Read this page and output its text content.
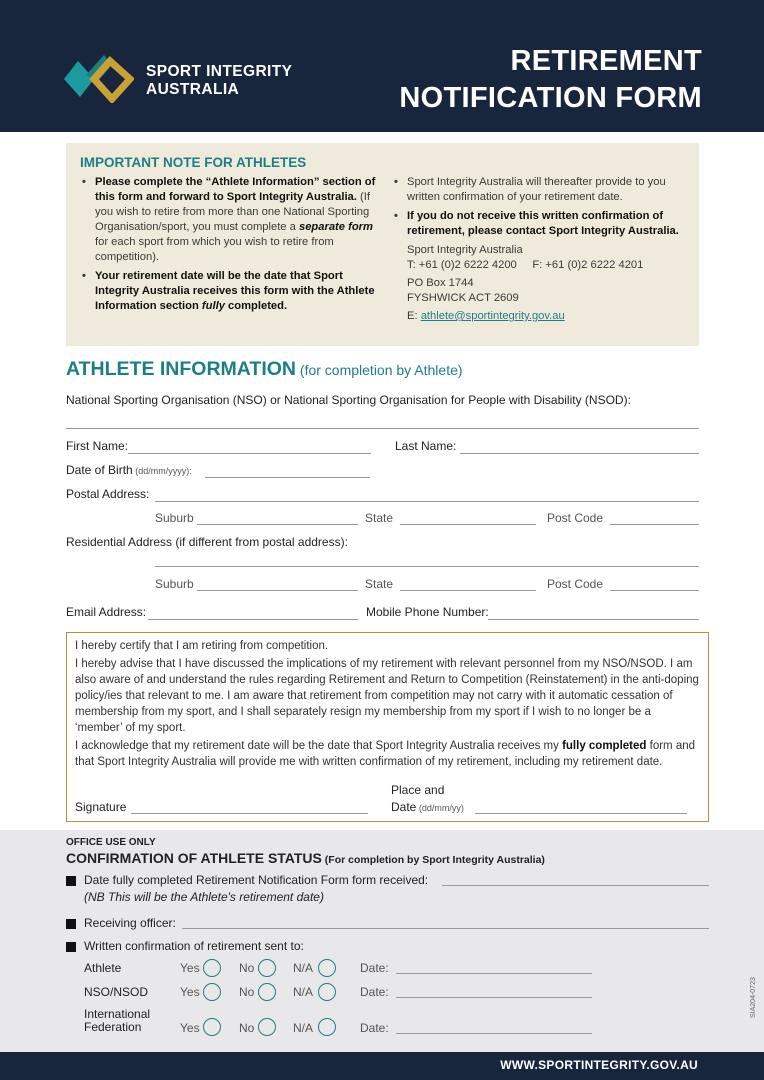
SPORT INTEGRITY
AUSTRALIA
RETIREMENT
NOTIFICATION FORM
IMPORTANT NOTE FOR ATHLETES
• Please complete the “Athlete Information” section of this form and forward to Sport Integrity Australia. (If you wish to retire from more than one National Sporting Organisation/sport, you must complete a separate form for each sport from which you wish to retire from competition).
• Your retirement date will be the date that Sport Integrity Australia receives this form with the Athlete Information section fully completed.
• Sport Integrity Australia will thereafter provide to you written confirmation of your retirement date.
• If you do not receive this written confirmation of retirement, please contact Sport Integrity Australia.
Sport Integrity Australia
T: +61 (0)2 6222 4200 F: +61 (0)2 6222 4201
PO Box 1744
FYSHWICK ACT 2609
E: athlete@sportintegrity.gov.au
ATHLETE INFORMATION (for completion by Athlete)
National Sporting Organisation (NSO) or National Sporting Organisation for People with Disability (NSOD):
First Name:	Last Name:
Date of Birth (dd/mm/yyyy):
Postal Address:
Suburb	State	Post Code
Residential Address (if different from postal address):
Suburb	State	Post Code
Email Address:	Mobile Phone Number:

I hereby certify that I am retiring from competition.

I hereby advise that I have discussed the implications of my retirement with relevant personnel from my NSO/NSOD. I am also aware of and understand the rules regarding Retirement and Return to Competition (Reinstatement) in the anti-doping policy/ies that relevant to me. I am aware that retirement from competition may not carry with it automatic cessation of membership from my sport, and I shall separately resign my membership from my sport if I wish to no longer be a ‘member’ of my sport.

I acknowledge that my retirement date will be the date that Sport Integrity Australia receives my fully completed form and that Sport Integrity Australia will provide me with written confirmation of my retirement, including my retirement date.

Signature
Place and
Date (dd/mm/yy)
OFFICE USE ONLY
CONFIRMATION OF ATHLETE STATUS (For completion by Sport Integrity Australia)
Date fully completed Retirement Notification Form form received:
(NB This will be the Athlete's retirement date)
Receiving officer:
Written confirmation of retirement sent to:
Athlete	Yes	No	N/A	Date:
NSO/NSOD	Yes	No	N/A	Date:
International Federation	Yes	No	N/A	Date:
SIA204-0723
WWW.SPORTINTEGRITY.GOV.AU
